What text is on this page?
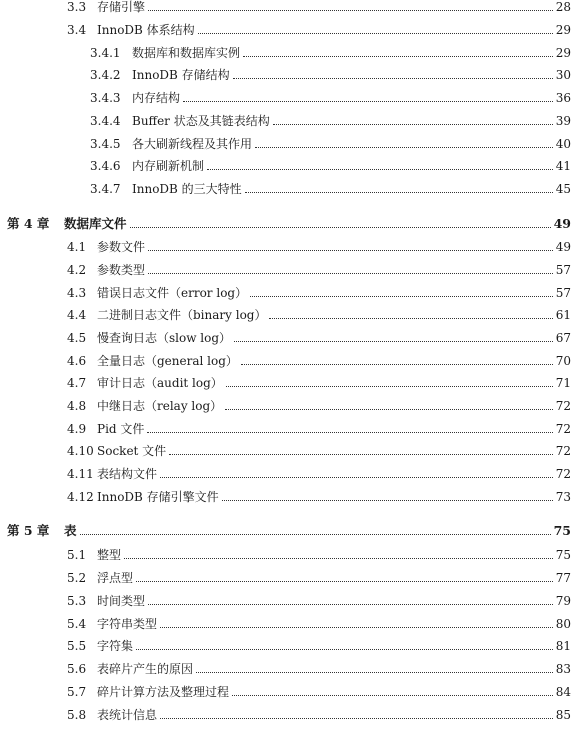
3.3 存储引擎	28
3.4 InnoDB 体系结构	29
3.4.1 数据库和数据库实例	29
3.4.2 InnoDB 存储结构	30
3.4.3 内存结构	36
3.4.4 Buffer 状态及其链表结构	39
3.4.5 各大刷新线程及其作用	40
3.4.6 内存刷新机制	41
3.4.7 InnoDB 的三大特性	45
第 4 章	数据库文件	49
4.1 参数文件	49
4.2 参数类型	57
4.3 错误日志文件（error log）	57
4.4 二进制日志文件（binary log）	61
4.5 慢查询日志（slow log）	67
4.6 全量日志（general log）	70
4.7 审计日志（audit log）	71
4.8 中继日志（relay log）	72
4.9 Pid 文件	72
4.10 Socket 文件	72
4.11 表结构文件	72
4.12 InnoDB 存储引擎文件	73
第 5 章	表	75
5.1 整型	75
5.2 浮点型	77
5.3 时间类型	79
5.4 字符串类型	80
5.5 字符集	81
5.6 表碎片产生的原因	83
5.7 碎片计算方法及整理过程	84
5.8 表统计信息	85
